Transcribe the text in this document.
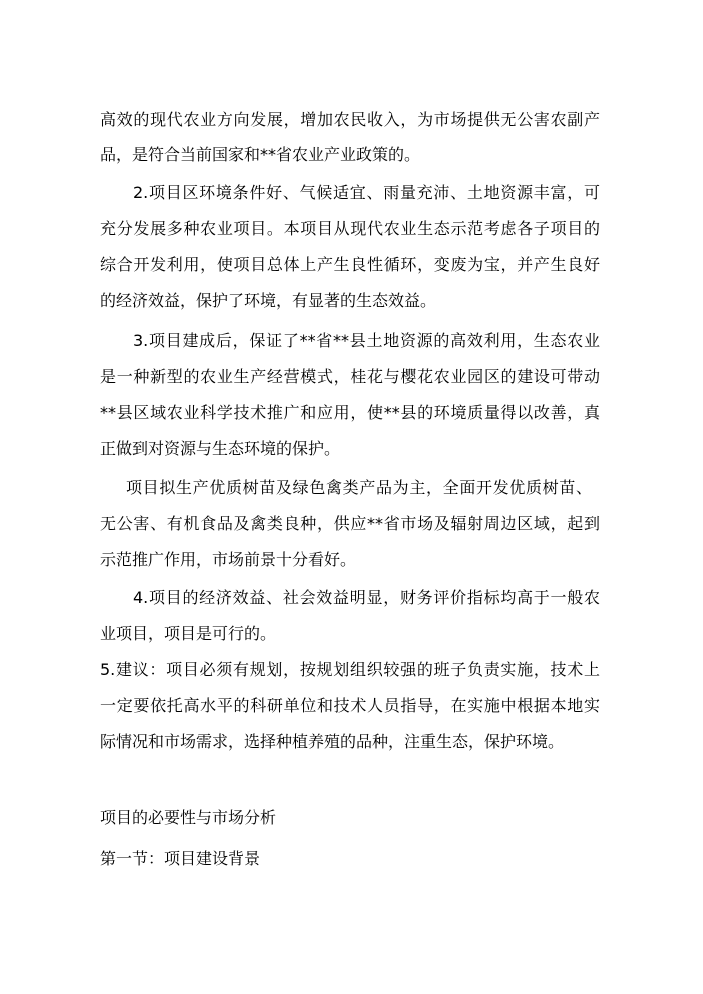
高效的现代农业方向发展，增加农民收入，为市场提供无公害农副产
品，是符合当前国家和**省农业产业政策的。
2.项目区环境条件好、气候适宜、雨量充沛、土地资源丰富，可
充分发展多种农业项目。本项目从现代农业生态示范考虑各子项目的
综合开发利用，使项目总体上产生良性循环，变废为宝，并产生良好
的经济效益，保护了环境，有显著的生态效益。
3.项目建成后，保证了**省**县土地资源的高效利用，生态农业
是一种新型的农业生产经营模式，桂花与樱花农业园区的建设可带动
**县区域农业科学技术推广和应用，使**县的环境质量得以改善，真
正做到对资源与生态环境的保护。
项目拟生产优质树苗及绿色禽类产品为主，全面开发优质树苗、
无公害、有机食品及禽类良种，供应**省市场及辐射周边区域，起到
示范推广作用，市场前景十分看好。
4.项目的经济效益、社会效益明显，财务评价指标均高于一般农
业项目，项目是可行的。
5.建议：项目必须有规划，按规划组织较强的班子负责实施，技术上
一定要依托高水平的科研单位和技术人员指导，在实施中根据本地实
际情况和市场需求，选择种植养殖的品种，注重生态，保护环境。
项目的必要性与市场分析
第一节：项目建设背景
